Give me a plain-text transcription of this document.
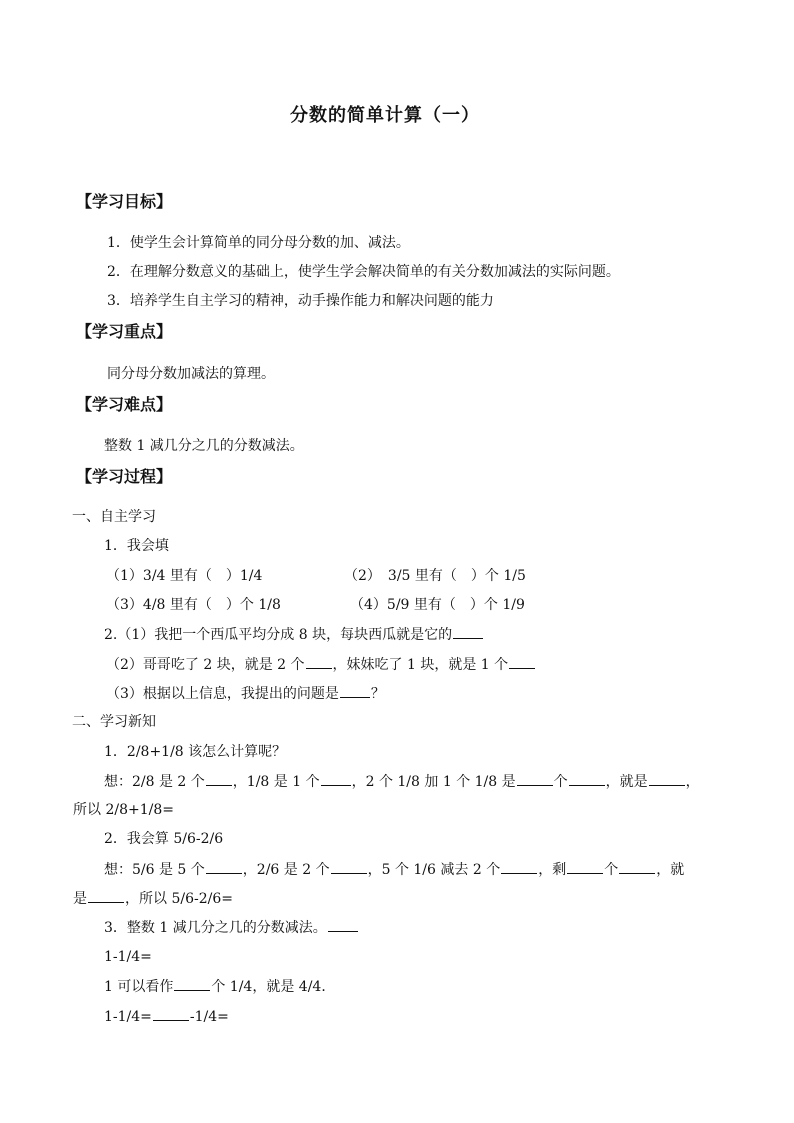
分数的简单计算（一）
【学习目标】
1．使学生会计算简单的同分母分数的加、减法。
2．在理解分数意义的基础上，使学生学会解决简单的有关分数加减法的实际问题。
3．培养学生自主学习的精神，动手操作能力和解决问题的能力
【学习重点】
同分母分数加减法的算理。
【学习难点】
整数 1 减几分之几的分数减法。
【学习过程】
一、自主学习
1．我会填
（1）3/4 里有（　）1/4	（2）　3/5 里有（　）个 1/5
（3）4/8 里有（　）个 1/8	（4）5/9 里有（　）个 1/9
2.（1）我把一个西瓜平均分成 8 块，每块西瓜就是它的
（2）哥哥吃了 2 块，就是 2 个 ，妹妹吃了 1 块，就是 1 个
（3）根据以上信息，我提出的问题是 ？
二、学习新知
1．2/8+1/8 该怎么计算呢？
想：2/8 是 2 个 ，1/8 是 1 个 ，2 个 1/8 加 1 个 1/8 是	个	，就是	，
所以 2/8+1/8=
2．我会算 5/6-2/6
想：5/6 是 5 个	，2/6 是 2 个	，5 个 1/6 减去 2 个	，剩	个	，就
是	，所以 5/6-2/6=
3．整数 1 减几分之几的分数减法。
1-1/4=
1 可以看作	个 1/4，就是 4/4．
1-1/4=	-1/4=
